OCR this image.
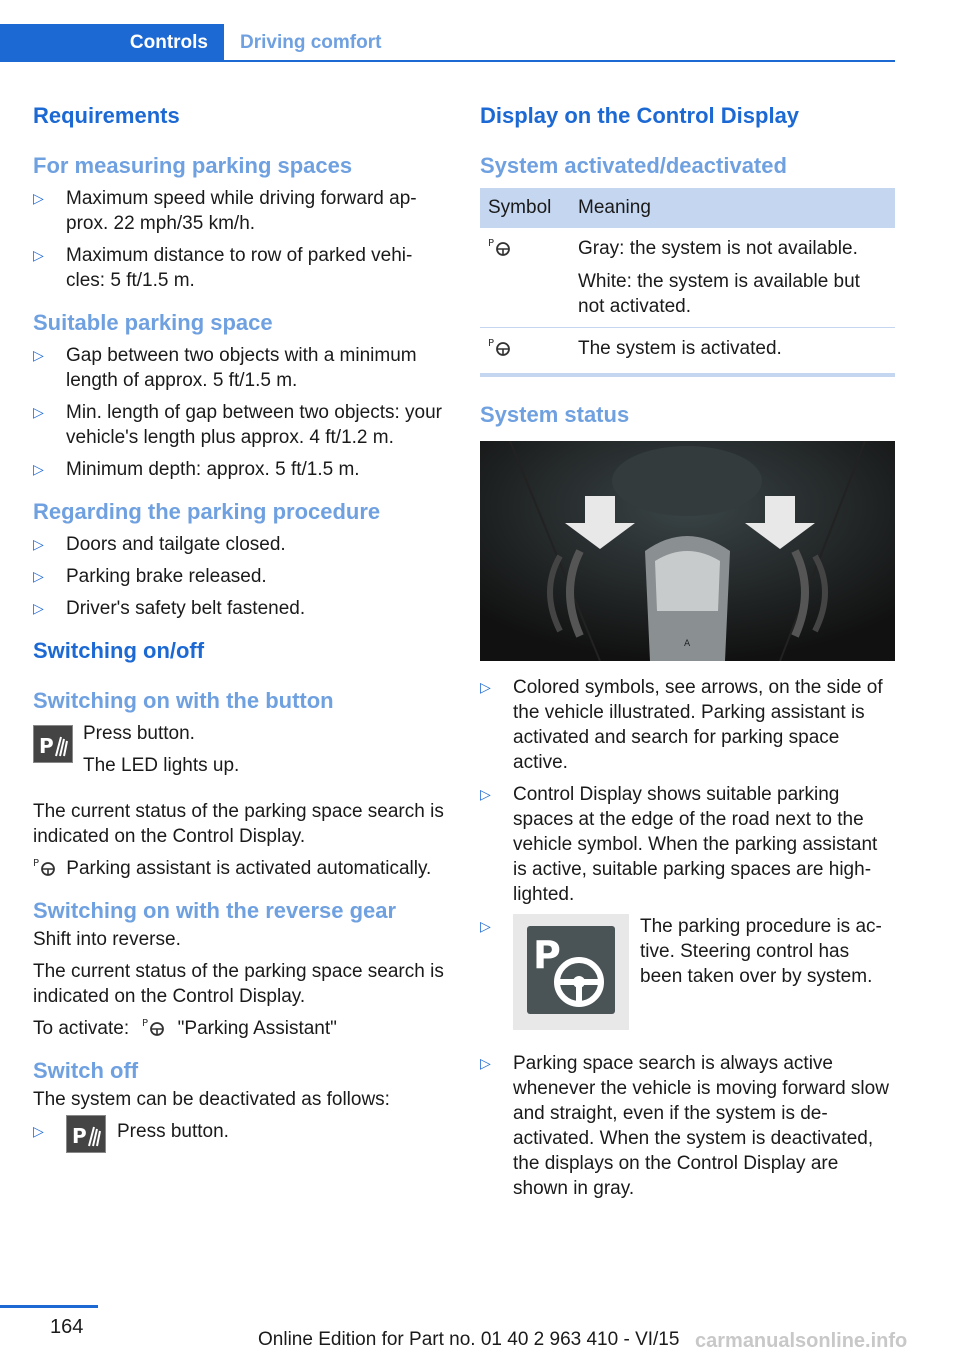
Controls	Driving comfort
Requirements
For measuring parking spaces
▷ Maximum speed while driving forward ap‐ prox. 22 mph/35 km/h.
▷ Maximum distance to row of parked vehi‐ cles: 5 ft/1.5 m.
Suitable parking space
▷ Gap between two objects with a minimum length of approx. 5 ft/1.5 m.
▷ Min. length of gap between two objects: your vehicle's length plus approx. 4 ft/1.2 m.
▷ Minimum depth: approx. 5 ft/1.5 m.
Regarding the parking procedure
▷ Doors and tailgate closed.
▷ Parking brake released.
▷ Driver's safety belt fastened.
Switching on/off
Switching on with the button
P
Press button.
The LED lights up.

The current status of the parking space search is indicated on the Control Display.

P Parking assistant is activated automatically.

Switching on with the reverse gear

Shift into reverse.

The current status of the parking space search is indicated on the Control Display.

To activate: P "Parking Assistant"

Switch off

The system can be deactivated as follows:

▷ P Press button.
Display on the Control Display
System activated/deactivated
Symbol	Meaning

P	Gray: the system is not available.

White: the system is available but not activated.

P	The system is activated.
System status
A
▷ Colored symbols, see arrows, on the side of the vehicle illustrated. Parking assistant is activated and search for parking space active.
▷ Control Display shows suitable parking spaces at the edge of the road next to the vehicle symbol. When the parking assistant is active, suitable parking spaces are high‐ lighted.
▷
P
The parking procedure is ac‐ tive. Steering control has been taken over by system.
▷ Parking space search is always active whenever the vehicle is moving forward slow and straight, even if the system is de‐ activated. When the system is deactivated, the displays on the Control Display are shown in gray.
164
Online Edition for Part no. 01 40 2 963 410 - VI/15 carmanualsonline.info
